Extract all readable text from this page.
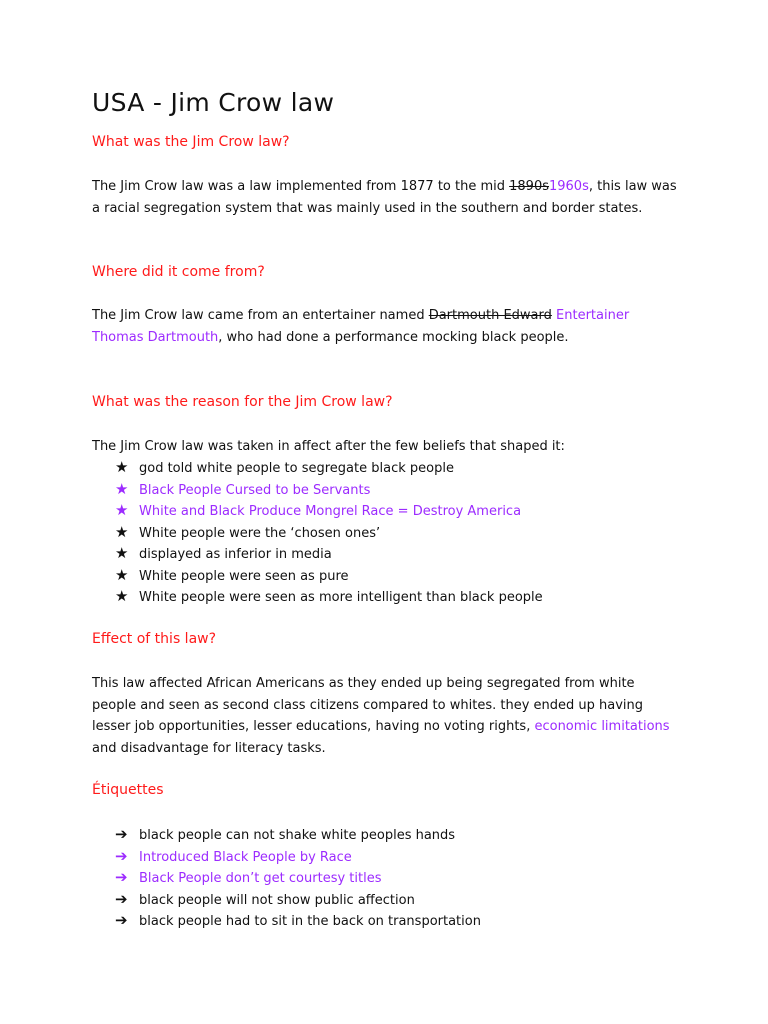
USA - Jim Crow law
What was the Jim Crow law?
The Jim Crow law was a law implemented from 1877 to the mid 1890s1960s, this law was a racial segregation system that was mainly used in the southern and border states.
Where did it come from?
The Jim Crow law came from an entertainer named Dartmouth Edward Entertainer Thomas Dartmouth, who had done a performance mocking black people.
What was the reason for the Jim Crow law?
The Jim Crow law was taken in affect after the few beliefs that shaped it:
★ god told white people to segregate black people
★ Black People Cursed to be Servants
★ White and Black Produce Mongrel Race = Destroy America
★ White people were the ‘chosen ones’
★ displayed as inferior in media
★ White people were seen as pure
★ White people were seen as more intelligent than black people
Effect of this law?
This law affected African Americans as they ended up being segregated from white people and seen as second class citizens compared to whites. they ended up having lesser job opportunities, lesser educations, having no voting rights, economic limitations and disadvantage for literacy tasks.
Étiquettes
➔ black people can not shake white peoples hands
➔ Introduced Black People by Race
➔ Black People don’t get courtesy titles
➔ black people will not show public affection
➔ black people had to sit in the back on transportation
